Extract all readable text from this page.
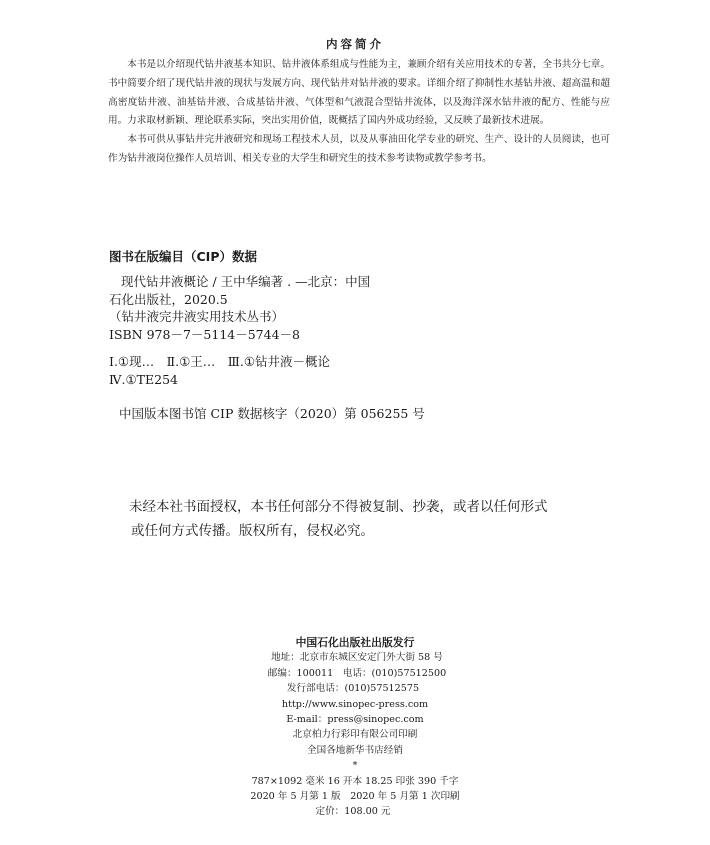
内容简介

本书是以介绍现代钻井液基本知识、钻井液体系组成与性能为主，兼顾介绍有关应用技术的专著，全书共分七章。书中简要介绍了现代钻井液的现状与发展方向、现代钻井对钻井液的要求。详细介绍了抑制性水基钻井液、超高温和超高密度钻井液、油基钻井液、合成基钻井液、气体型和气液混合型钻井流体，以及海洋深水钻井液的配方、性能与应用。力求取材新颖、理论联系实际，突出实用价值，既概括了国内外成功经验，又反映了最新技术进展。

本书可供从事钻井完井液研究和现场工程技术人员，以及从事油田化学专业的研究、生产、设计的人员阅读，也可作为钻井液岗位操作人员培训、相关专业的大学生和研究生的技术参考读物或教学参考书。

图书在版编目（CIP）数据
现代钻井液概论 / 王中华编著 . —北京：中国
石化出版社，2020.5
（钻井液完井液实用技术丛书）
ISBN 978－7－5114－5744－8
Ⅰ.①现…　Ⅱ.①王…　Ⅲ.①钻井液－概论
Ⅳ.①TE254
中国版本图书馆 CIP 数据核字（2020）第 056255 号
未经本社书面授权，本书任何部分不得被复制、抄袭，或者以任何形式
或任何方式传播。版权所有，侵权必究。
中国石化出版社出版发行
地址：北京市东城区安定门外大街 58 号
邮编：100011　电话：(010)57512500
发行部电话：(010)57512575
http://www.sinopec-press.com
E-mail：press@sinopec.com
北京柏力行彩印有限公司印刷
全国各地新华书店经销
*
787×1092 毫米 16 开本 18.25 印张 390 千字
2020 年 5 月第 1 版　2020 年 5 月第 1 次印刷
定价：108.00 元
